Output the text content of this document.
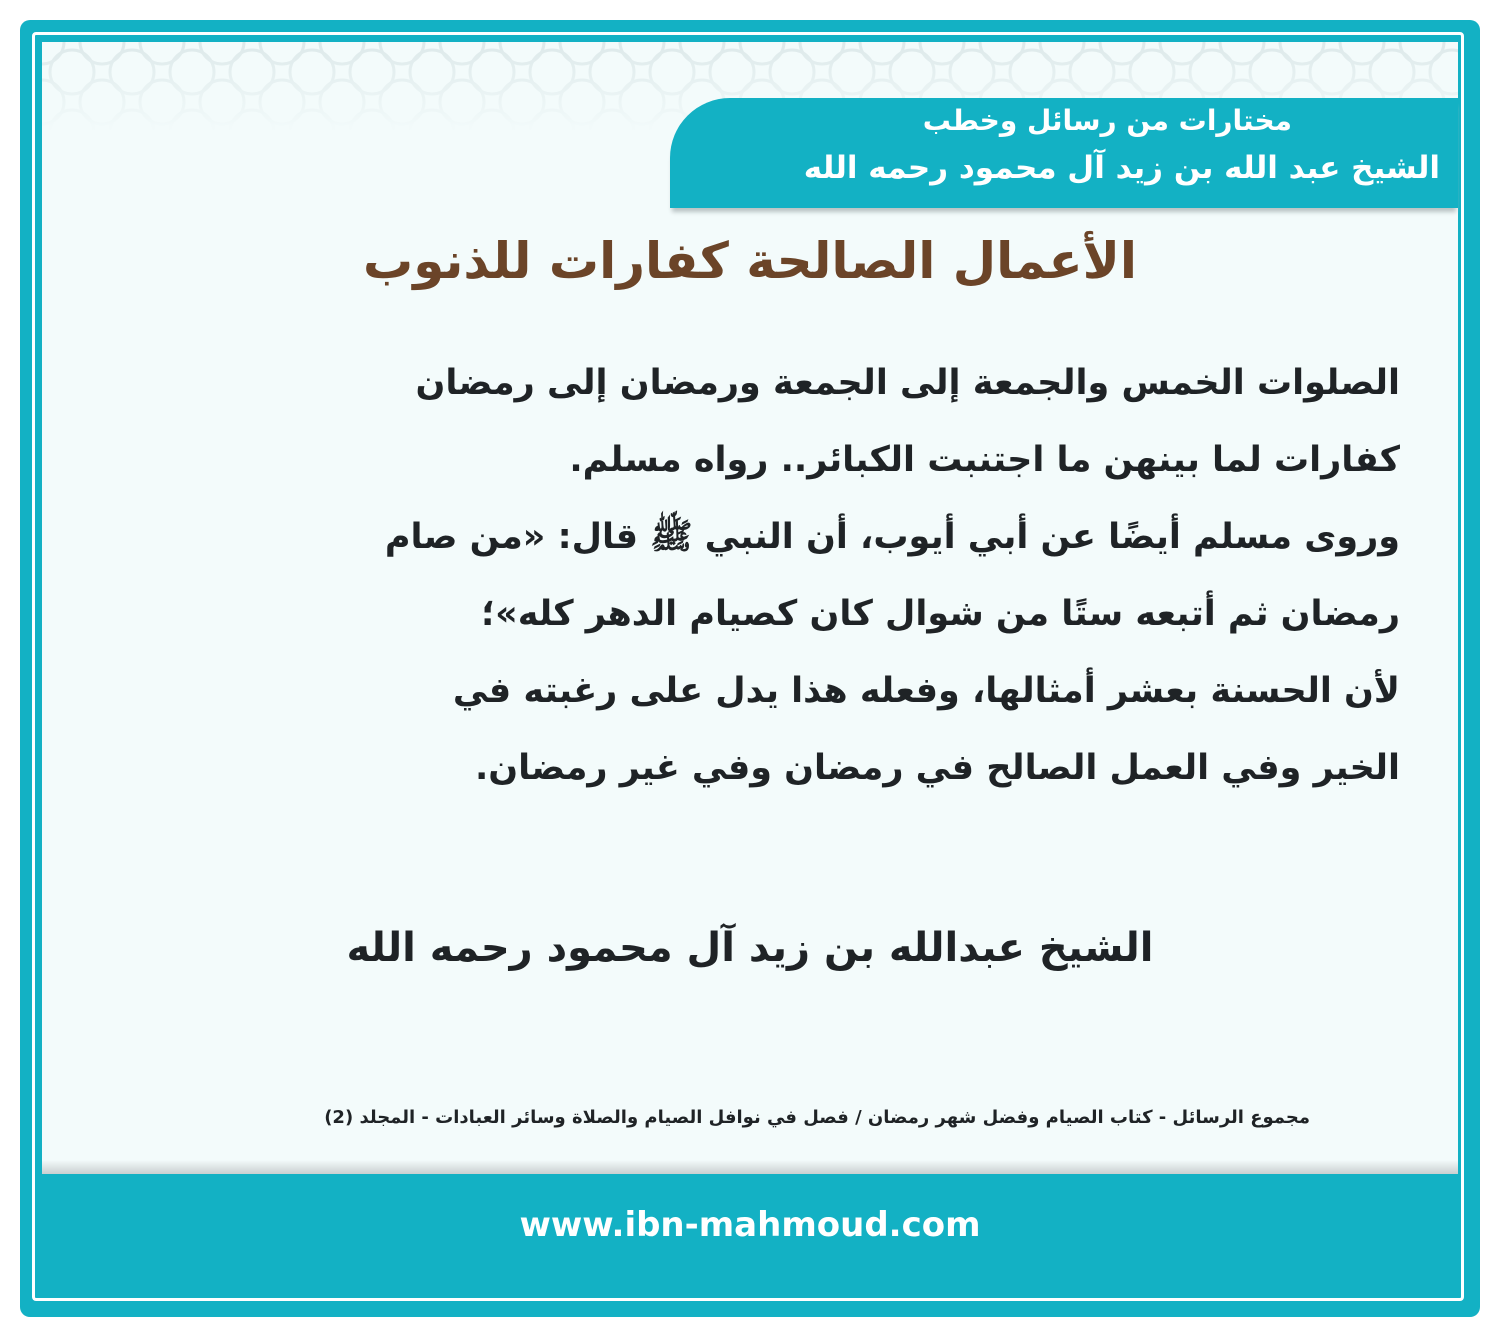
مختارات من رسائل وخطب
الشيخ عبد الله بن زيد آل محمود رحمه الله
الأعمال الصالحة كفارات للذنوب

الصلوات الخمس والجمعة إلى الجمعة ورمضان إلى رمضان

كفارات لما بينهن ما اجتنبت الكبائر.. رواه مسلم.

وروى مسلم أيضًا عن أبي أيوب، أن النبي ﷺ قال: «من صام

رمضان ثم أتبعه ستًا من شوال كان كصيام الدهر كله»؛

لأن الحسنة بعشر أمثالها، وفعله هذا يدل على رغبته في

الخير وفي العمل الصالح في رمضان وفي غير رمضان.

الشيخ عبدالله بن زيد آل محمود رحمه الله
مجموع الرسائل - كتاب الصيام وفضل شهر رمضان / فصل في نوافل الصيام والصلاة وسائر العبادات - المجلد (2)
www.ibn-mahmoud.com
